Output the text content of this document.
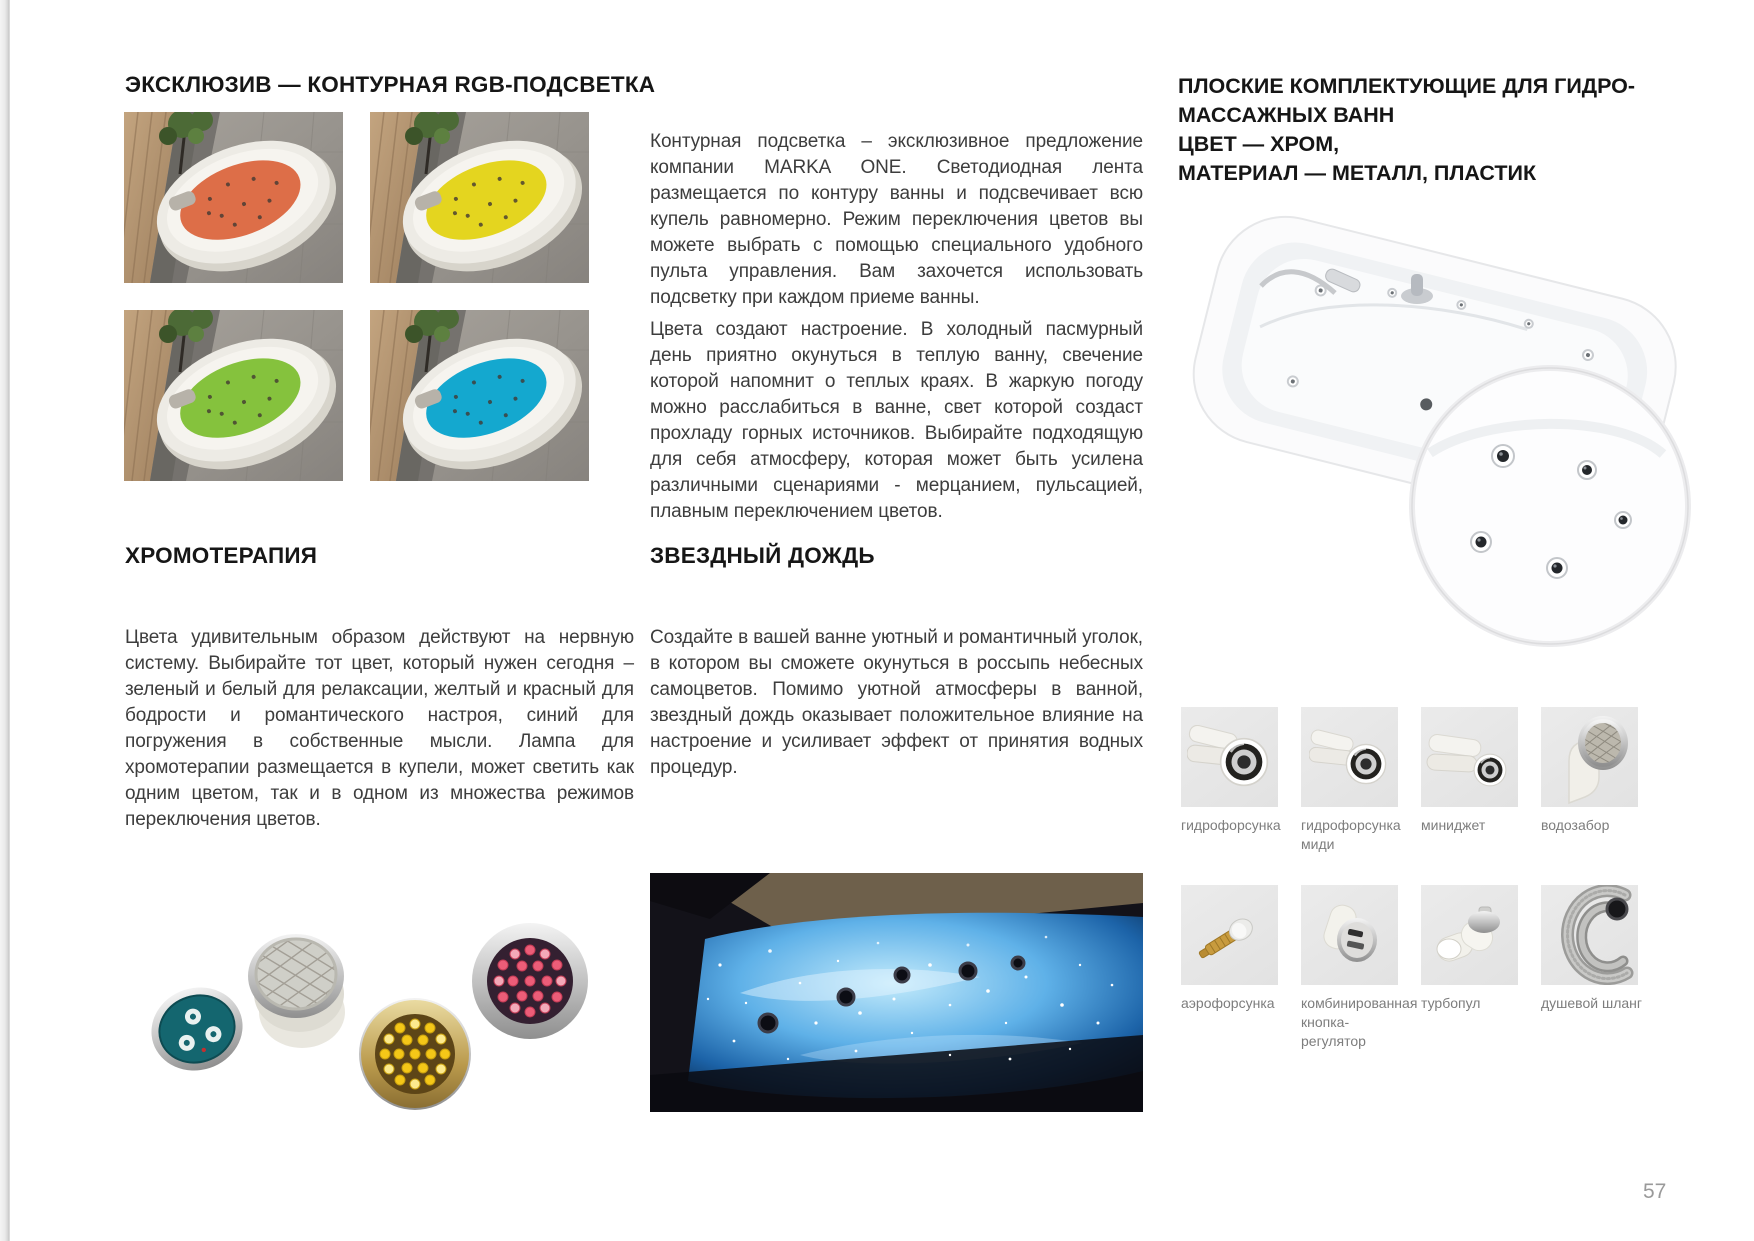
ЭКСКЛЮЗИВ — КОНТУРНАЯ RGB-ПОДСВЕТКА
ХРОМОТЕРАПИЯ

Цвета удивительным образом действуют на нервную систему. Выбирайте тот цвет, который нужен сегодня – зеленый и белый для релаксации, желтый и красный для бодрости и романтического настроя, синий для погружения в собственные мысли. Лампа для хромотерапии размещается в купели, может светить как одним цветом, так и в одном из множества режимов переключения цветов.

Контурная подсветка – эксклюзивное предложение компании MARKA ONE. Светодиодная лента размещается по контуру ванны и подсвечивает всю купель равномерно. Режим переключения цветов вы можете выбрать с помощью специального удобного пульта управления. Вам захочется использовать подсветку при каждом приеме ванны.

Цвета создают настроение. В холодный пасмурный день приятно окунуться в теплую ванну, свечение которой напомнит о теплых краях. В жаркую погоду можно расслабиться в ванне, свет которой создаст прохладу горных источников. Выбирайте подходящую для себя атмосферу, которая может быть усилена различными сценариями - мерцанием, пульсацией, плавным переключением цветов.

ЗВЕЗДНЫЙ ДОЖДЬ

Создайте в вашей ванне уютный и романтичный уголок, в котором вы сможете окунуться в россыпь небесных самоцветов. Помимо уютной атмосферы в ванной, звездный дождь оказывает положительное влияние на настроение и усиливает эффект от принятия водных процедур.

ПЛОСКИЕ КОМПЛЕКТУЮЩИЕ ДЛЯ ГИДРО-
МАССАЖНЫХ ВАНН
ЦВЕТ — ХРОМ,
МАТЕРИАЛ — МЕТАЛЛ, ПЛАСТИК
гидрофорсунка	гидрофорсунка миди
миниджет	водозабор
аэрофорсунка	комбинированная кнопка-регулятор
турбопул	душевой шланг
57
